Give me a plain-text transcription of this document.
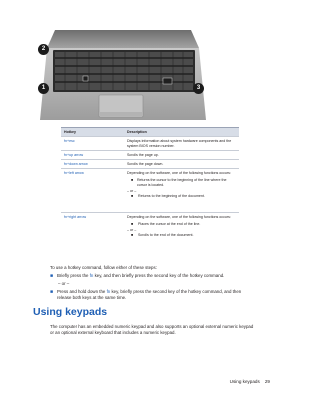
2
1	3
Hotkey	Description
fn+esc	Displays information about system hardware components and the system BIOS version number.
fn+up arrow	Scrolls the page up.
fn+down arrow	Scrolls the page down.
fn+left arrow	Depending on the software, one of the following functions occurs:
■	Returns the cursor to the beginning of the line where the cursor is located.
– or –
■	Returns to the beginning of the document.
fn+right arrow	Depending on the software, one of the following functions occurs:
■	Places the cursor at the end of the line.
– or –
■	Scrolls to the end of the document.
To use a hotkey command, follow either of these steps:
■ Briefly press the fn key, and then briefly press the second key of the hotkey command.
– or –
■ Press and hold down the fn key, briefly press the second key of the hotkey command, and then
release both keys at the same time.
Using keypads
The computer has an embedded numeric keypad and also supports an optional external numeric keypad
or an optional external keyboard that includes a numeric keypad.
Using keypads 29
